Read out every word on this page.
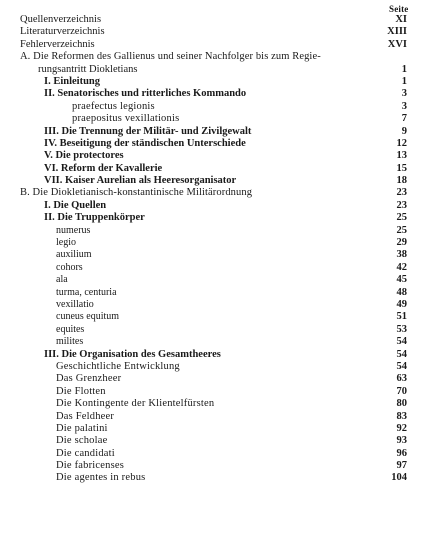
Seite
Quellenverzeichnis	XI
Literaturverzeichnis	XIII
Fehlerverzeichnis	XVI
A. Die Reformen des Gallienus und seiner Nachfolger bis zum Regie-
rungsantritt Diokletians	1
I. Einleitung	1
II. Senatorisches und ritterliches Kommando	3
praefectus legionis	3
praepositus vexillationis	7
III. Die Trennung der Militär- und Zivilgewalt	9
IV. Beseitigung der ständischen Unterschiede	12
V. Die protectores	13
VI. Reform der Kavallerie	15
VII. Kaiser Aurelian als Heeresorganisator	18
B. Die Diokletianisch-konstantinische Militärordnung	23
I. Die Quellen	23
II. Die Truppenkörper	25
numerus	25
legio	29
auxilium	38
cohors	42
ala	45
turma, centuria	48
vexillatio	49
cuneus equitum	51
equites	53
milites	54
III. Die Organisation des Gesamtheeres	54
Geschichtliche Entwicklung	54
Das Grenzheer	63
Die Flotten	70
Die Kontingente der Klientelfürsten	80
Das Feldheer	83
Die palatini	92
Die scholae	93
Die candidati	96
Die fabricenses	97
Die agentes in rebus	104
